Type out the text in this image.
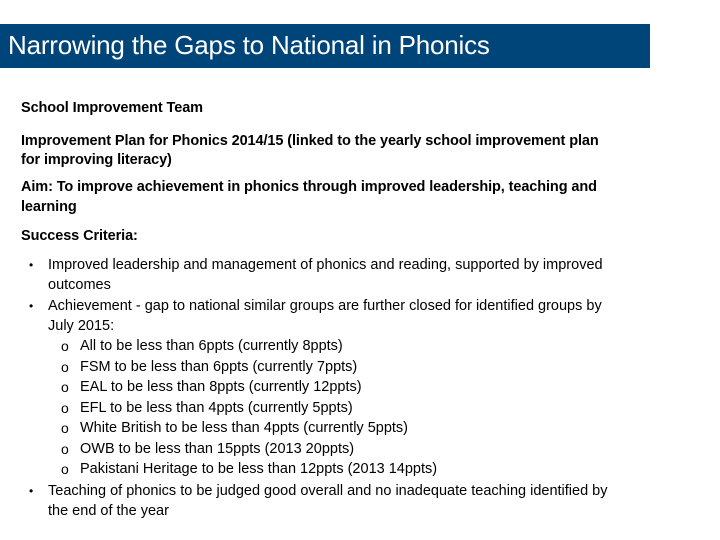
Narrowing the Gaps to National in Phonics
School Improvement Team
Improvement Plan for Phonics 2014/15 (linked to the yearly school improvement plan
for improving literacy)
Aim: To improve achievement in phonics through improved leadership, teaching and
learning
Success Criteria:
• Improved leadership and management of phonics and reading, supported by improved
outcomes
• Achievement - gap to national similar groups are further closed for identified groups by
July 2015:
o All to be less than 6ppts (currently 8ppts)
o FSM to be less than 6ppts (currently 7ppts)
o EAL to be less than 8ppts (currently 12ppts)
o EFL to be less than 4ppts (currently 5ppts)
o White British to be less than 4ppts (currently 5ppts)
o OWB to be less than 15ppts (2013 20ppts)
o Pakistani Heritage to be less than 12ppts (2013 14ppts)
• Teaching of phonics to be judged good overall and no inadequate teaching identified by
the end of the year
